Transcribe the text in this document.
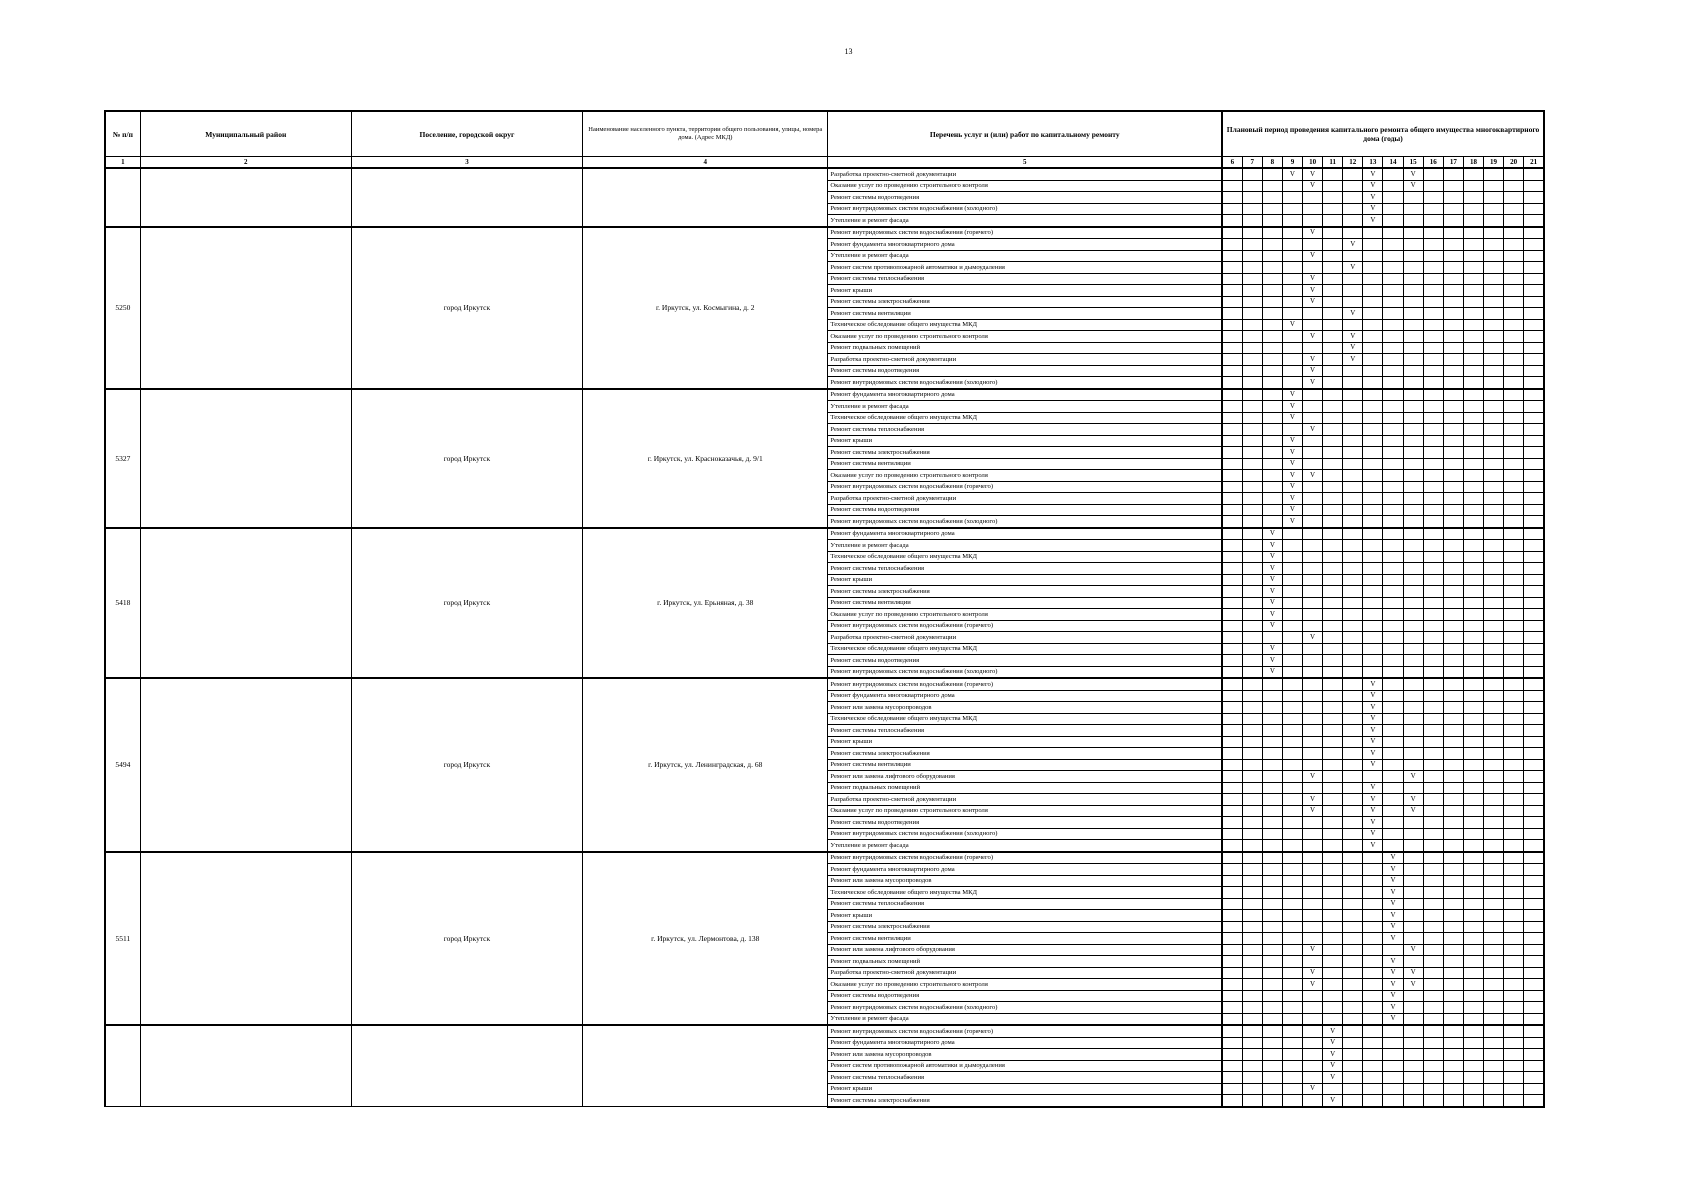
13
№ п/п	Муниципальный район	Поселение, городской округ	Наименование населенного пункта, территории общего пользования, улицы, номера дома. (Адрес МКД)	Перечень услуг и (или) работ по капитальному ремонту	Плановый период проведения капитального ремонта общего имущества многоквартирного дома (годы)															
1	2	3	4	5	6	7	8	9	10	11	12	13	14	15	16	17	18	19	20	21
				Разработка проектно-сметной документации				V	V			V		V						
				Оказание услуг по проведению строительного контроля					V			V		V						
				Ремонт системы водоотведения								V								
				Ремонт внутридомовых систем водоснабжения (холодного)								V								
				Утепление и ремонт фасада								V								
5250		город Иркутск	г. Иркутск, ул. Космыгина, д. 2	Ремонт внутридомовых систем водоснабжения (горячего)					V											
				Ремонт фундамента многоквартирного дома							V									
				Утепление и ремонт фасада					V											
				Ремонт систем противопожарной автоматики и дымоудаления							V									
				Ремонт системы теплоснабжения					V											
				Ремонт крыши					V											
				Ремонт системы электроснабжения					V											
				Ремонт системы вентиляции							V									
				Техническое обследование общего имущества МКД				V												
				Оказание услуг по проведению строительного контроля					V		V									
				Ремонт подвальных помещений							V									
				Разработка проектно-сметной документации					V		V									
				Ремонт системы водоотведения					V											
				Ремонт внутридомовых систем водоснабжения (холодного)					V											
5327		город Иркутск	г. Иркутск, ул. Красноказачья, д. 9/1	Ремонт фундамента многоквартирного дома				V												
				Утепление и ремонт фасада				V												
				Техническое обследование общего имущества МКД				V												
				Ремонт системы теплоснабжения					V											
				Ремонт крыши				V												
				Ремонт системы электроснабжения				V												
				Ремонт системы вентиляции				V												
				Оказание услуг по проведению строительного контроля				V	V											
				Ремонт внутридомовых систем водоснабжения (горячего)				V												
				Разработка проектно-сметной документации				V												
				Ремонт системы водоотведения				V												
				Ремонт внутридомовых систем водоснабжения (холодного)				V												
5418		город Иркутск	г. Иркутск, ул. Ерьняная, д. 38	Ремонт фундамента многоквартирного дома			V													
				Утепление и ремонт фасада			V													
				Техническое обследование общего имущества МКД			V													
				Ремонт системы теплоснабжения			V													
				Ремонт крыши			V													
				Ремонт системы электроснабжения			V													
				Ремонт системы вентиляции			V													
				Оказание услуг по проведению строительного контроля			V													
				Ремонт внутридомовых систем водоснабжения (горячего)			V													
				Разработка проектно-сметной документации					V											
				Техническое обследование общего имущества МКД			V													
				Ремонт системы водоотведения			V													
				Ремонт внутридомовых систем водоснабжения (холодного)			V													
5494		город Иркутск	г. Иркутск, ул. Ленинградская, д. 68	Ремонт внутридомовых систем водоснабжения (горячего)								V								
				Ремонт фундамента многоквартирного дома								V								
				Ремонт или замена мусоропроводов								V								
				Техническое обследование общего имущества МКД								V								
				Ремонт системы теплоснабжения								V								
				Ремонт крыши								V								
				Ремонт системы электроснабжения								V								
				Ремонт системы вентиляции								V								
				Ремонт или замена лифтового оборудования					V					V						
				Ремонт подвальных помещений								V								
				Разработка проектно-сметной документации					V			V		V						
				Оказание услуг по проведению строительного контроля					V			V		V						
				Ремонт системы водоотведения								V								
				Ремонт внутридомовых систем водоснабжения (холодного)								V								
				Утепление и ремонт фасада								V								
5511		город Иркутск	г. Иркутск, ул. Лермонтова, д. 138	Ремонт внутридомовых систем водоснабжения (горячего)									V							
				Ремонт фундамента многоквартирного дома									V							
				Ремонт или замена мусоропроводов									V							
				Техническое обследование общего имущества МКД									V							
				Ремонт системы теплоснабжения									V							
				Ремонт крыши									V							
				Ремонт системы электроснабжения									V							
				Ремонт системы вентиляции									V							
				Ремонт или замена лифтового оборудования					V					V						
				Ремонт подвальных помещений									V							
				Разработка проектно-сметной документации					V				V	V						
				Оказание услуг по проведению строительного контроля					V				V	V						
				Ремонт системы водоотведения									V							
				Ремонт внутридомовых систем водоснабжения (холодного)									V							
				Утепление и ремонт фасада									V							
				Ремонт внутридомовых систем водоснабжения (горячего)						V										
				Ремонт фундамента многоквартирного дома						V										
				Ремонт или замена мусоропроводов						V										
				Ремонт систем противопожарной автоматики и дымоудаления						V										
				Ремонт системы теплоснабжения						V										
				Ремонт крыши					V											
				Ремонт системы электроснабжения						V										
